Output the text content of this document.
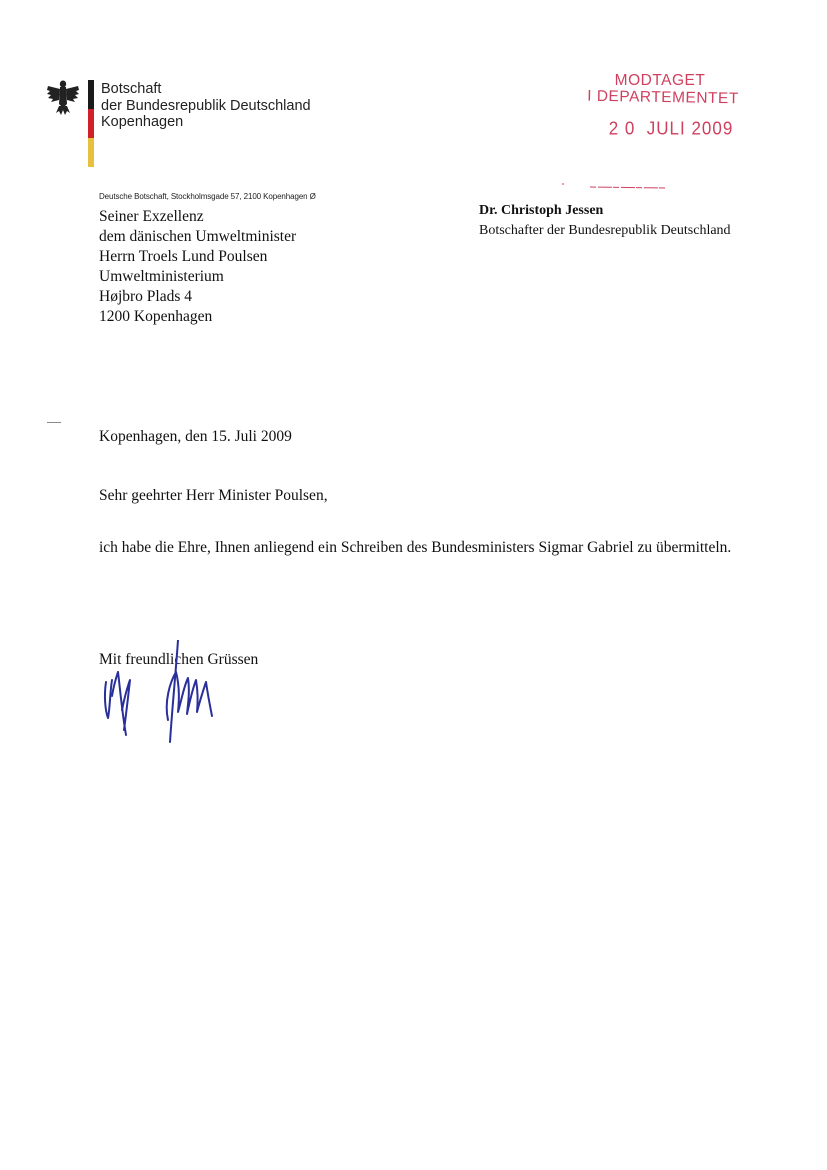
Botschaft
der Bundesrepublik Deutschland
Kopenhagen
MODTAGET
I DEPARTEMENTET
2 0  JULI 2009
Deutsche Botschaft, Stockholmsgade 57, 2100 Kopenhagen Ø
Seiner Exzellenz
dem dänischen Umweltminister
Herrn Troels Lund Poulsen
Umweltministerium
Højbro Plads 4
1200 Kopenhagen
Dr. Christoph Jessen
Botschafter der Bundesrepublik Deutschland
Kopenhagen, den 15. Juli 2009
Sehr geehrter Herr Minister Poulsen,
ich habe die Ehre, Ihnen anliegend ein Schreiben des Bundesministers Sigmar Gabriel zu übermitteln.
Mit freundlichen Grüssen
